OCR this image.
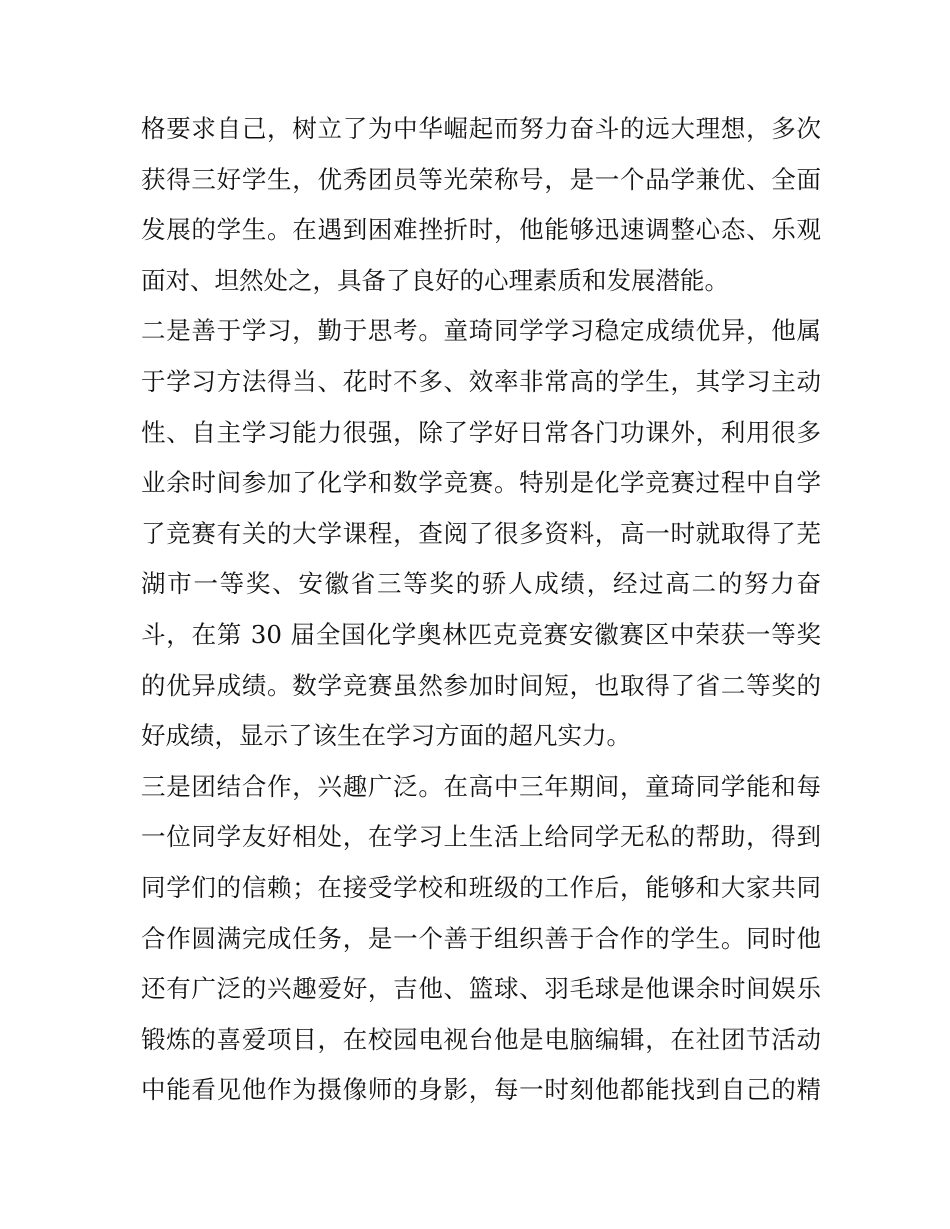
格要求自己，树立了为中华崛起而努力奋斗的远大理想，多次
获得三好学生，优秀团员等光荣称号，是一个品学兼优、全面
发展的学生。在遇到困难挫折时，他能够迅速调整心态、乐观
面对、坦然处之，具备了良好的心理素质和发展潜能。
二是善于学习，勤于思考。童琦同学学习稳定成绩优异，他属
于学习方法得当、花时不多、效率非常高的学生，其学习主动
性、自主学习能力很强，除了学好日常各门功课外，利用很多
业余时间参加了化学和数学竞赛。特别是化学竞赛过程中自学
了竞赛有关的大学课程，查阅了很多资料，高一时就取得了芜
湖市一等奖、安徽省三等奖的骄人成绩，经过高二的努力奋
斗，在第 30 届全国化学奥林匹克竞赛安徽赛区中荣获一等奖
的优异成绩。数学竞赛虽然参加时间短，也取得了省二等奖的
好成绩，显示了该生在学习方面的超凡实力。
三是团结合作，兴趣广泛。在高中三年期间，童琦同学能和每
一位同学友好相处，在学习上生活上给同学无私的帮助，得到
同学们的信赖；在接受学校和班级的工作后，能够和大家共同
合作圆满完成任务，是一个善于组织善于合作的学生。同时他
还有广泛的兴趣爱好，吉他、篮球、羽毛球是他课余时间娱乐
锻炼的喜爱项目，在校园电视台他是电脑编辑，在社团节活动
中能看见他作为摄像师的身影，每一时刻他都能找到自己的精
